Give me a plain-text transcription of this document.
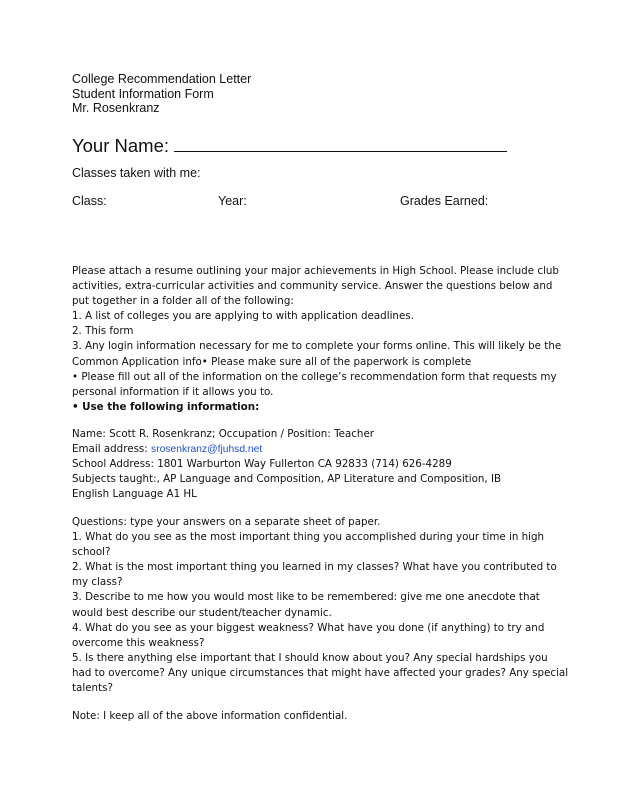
College Recommendation Letter
Student Information Form
Mr. Rosenkranz
Your Name:
Classes taken with me:
Class:	Year:	Grades Earned:
Please attach a resume outlining your major achievements in High School. Please include club
activities, extra-curricular activities and community service. Answer the questions below and
put together in a folder all of the following:
1. A list of colleges you are applying to with application deadlines.
2. This form
3. Any login information necessary for me to complete your forms online. This will likely be the
Common Application info• Please make sure all of the paperwork is complete
• Please fill out all of the information on the college’s recommendation form that requests my
personal information if it allows you to.
• Use the following information:
Name: Scott R. Rosenkranz; Occupation / Position: Teacher
Email address: srosenkranz@fjuhsd.net
School Address: 1801 Warburton Way Fullerton CA 92833 (714) 626-4289
Subjects taught:, AP Language and Composition, AP Literature and Composition, IB
English Language A1 HL
Questions: type your answers on a separate sheet of paper.
1. What do you see as the most important thing you accomplished during your time in high
school?
2. What is the most important thing you learned in my classes? What have you contributed to
my class?
3. Describe to me how you would most like to be remembered: give me one anecdote that
would best describe our student/teacher dynamic.
4. What do you see as your biggest weakness? What have you done (if anything) to try and
overcome this weakness?
5. Is there anything else important that I should know about you? Any special hardships you
had to overcome? Any unique circumstances that might have affected your grades? Any special
talents?
Note: I keep all of the above information confidential.
